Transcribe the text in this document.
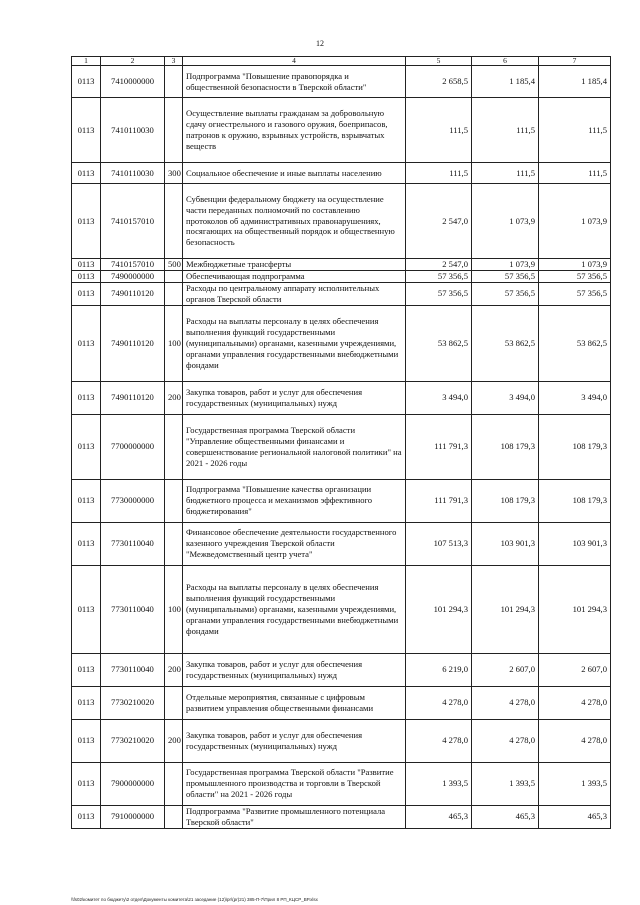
12
1	2	3	4	5	6	7
0113	7410000000		Подпрограмма "Повышение правопорядка и общественной безопасности в Тверской области"	2 658,5	1 185,4	1 185,4
0113	7410110030		Осуществление выплаты гражданам за добровольную сдачу огнестрельного и газового оружия, боеприпасов, патронов к оружию, взрывных устройств, взрывчатых веществ	111,5	111,5	111,5
0113	7410110030	300	Социальное обеспечение и иные выплаты населению	111,5	111,5	111,5
0113	7410157010		Субвенции федеральному бюджету на осуществление части переданных полномочий по составлению протоколов об административных правонарушениях, посягающих на общественный порядок и общественную безопасность	2 547,0	1 073,9	1 073,9
0113	7410157010	500	Межбюджетные трансферты	2 547,0	1 073,9	1 073,9
0113	7490000000		Обеспечивающая подпрограмма	57 356,5	57 356,5	57 356,5
0113	7490110120		Расходы по центральному аппарату исполнительных органов Тверской области	57 356,5	57 356,5	57 356,5
0113	7490110120	100	Расходы на выплаты персоналу в целях обеспечения выполнения функций государственными (муниципальными) органами, казенными учреждениями, органами управления государственными внебюджетными фондами	53 862,5	53 862,5	53 862,5
0113	7490110120	200	Закупка товаров, работ и услуг для обеспечения государственных (муниципальных) нужд	3 494,0	3 494,0	3 494,0
0113	7700000000		Государственная программа Тверской области "Управление общественными финансами и совершенствование региональной налоговой политики" на 2021 - 2026 годы	111 791,3	108 179,3	108 179,3
0113	7730000000		Подпрограмма "Повышение качества организации бюджетного процесса и механизмов эффективного бюджетирования"	111 791,3	108 179,3	108 179,3
0113	7730110040		Финансовое обеспечение деятельности государственного казенного учреждения Тверской области "Межведомственный центр учета"	107 513,3	103 901,3	103 901,3
0113	7730110040	100	Расходы на выплаты персоналу в целях обеспечения выполнения функций государственными (муниципальными) органами, казенными учреждениями, органами управления государственными внебюджетными фондами	101 294,3	101 294,3	101 294,3
0113	7730110040	200	Закупка товаров, работ и услуг для обеспечения государственных (муниципальных) нужд	6 219,0	2 607,0	2 607,0
0113	7730210020		Отдельные мероприятия, связанные с цифровым развитием управления общественными финансами	4 278,0	4 278,0	4 278,0
0113	7730210020	200	Закупка товаров, работ и услуг для обеспечения государственных (муниципальных) нужд	4 278,0	4 278,0	4 278,0
0113	7900000000		Государственная программа Тверской области "Развитие промышленного производства и торговли в Тверской области" на 2021 - 2026 годы	1 393,5	1 393,5	1 393,5
0113	7910000000		Подпрограмма "Развитие промышленного потенциала Тверской области"	465,3	465,3	465,3
\\fs02\комитет по бюджету\2 отдел\Документы комитета\21 заседание (12)\pr\(pr)21) 385-П-7\Прил 8 РП_КЦСР_ВР.xlsx
